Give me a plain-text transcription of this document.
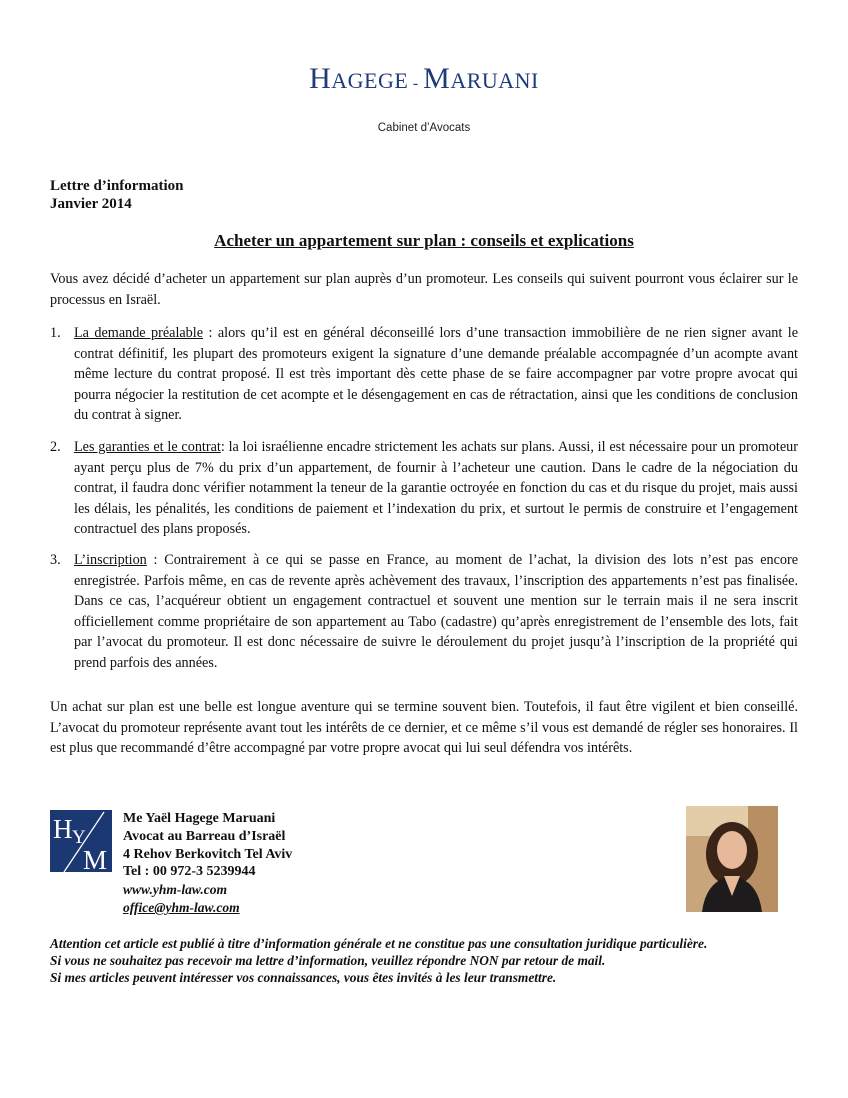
HAGEGE - MARUANI
Cabinet d’Avocats
Lettre d’information
Janvier 2014
Acheter un appartement sur plan : conseils et explications
Vous avez décidé d’acheter un appartement sur plan auprès d’un promoteur. Les conseils qui suivent pourront vous éclairer sur le processus en Israël.
1. La demande préalable : alors qu’il est en général déconseillé lors d’une transaction immobilière de ne rien signer avant le contrat définitif, les plupart des promoteurs exigent la signature d’une demande préalable accompagnée d’un acompte avant même lecture du contrat proposé. Il est très important dès cette phase de se faire accompagner par votre propre avocat qui pourra négocier la restitution de cet acompte et le désengagement en cas de rétractation, ainsi que les conditions de conclusion du contrat à signer.
2. Les garanties et le contrat: la loi israélienne encadre strictement les achats sur plans. Aussi, il est nécessaire pour un promoteur ayant perçu plus de 7% du prix d’un appartement, de fournir à l’acheteur une caution. Dans le cadre de la négociation du contrat, il faudra donc vérifier notamment la teneur de la garantie octroyée en fonction du cas et du risque du projet, mais aussi les délais, les pénalités, les conditions de paiement et l’indexation du prix, et surtout le permis de construire et l’engagement contractuel des plans proposés.
3. L’inscription : Contrairement à ce qui se passe en France, au moment de l’achat, la division des lots n’est pas encore enregistrée. Parfois même, en cas de revente après achèvement des travaux, l’inscription des appartements n’est pas finalisée. Dans ce cas, l’acquéreur obtient un engagement contractuel et souvent une mention sur le terrain mais il ne sera inscrit officiellement comme propriétaire de son appartement au Tabo (cadastre) qu’après enregistrement de l’ensemble des lots, fait par l’avocat du promoteur. Il est donc nécessaire de suivre le déroulement du projet jusqu’à l’inscription de la propriété qui prend parfois des années.
Un achat sur plan est une belle est longue aventure qui se termine souvent bien. Toutefois, il faut être vigilent et bien conseillé. L’avocat du promoteur représente avant tout les intérêts de ce dernier, et ce même s’il vous est demandé de régler ses honoraires. Il est plus que recommandé d’être accompagné par votre propre avocat qui lui seul défendra vos intérêts.
H Y
M
Me Yaël Hagege Maruani
Avocat au Barreau d’Israël
4 Rehov Berkovitch Tel Aviv
Tel : 00 972-3 5239944
www.yhm-law.com
office@yhm-law.com
Attention cet article est publié à titre d’information générale et ne constitue pas une consultation juridique particulière.
Si vous ne souhaitez pas recevoir ma lettre d’information, veuillez répondre NON par retour de mail.
Si mes articles peuvent intéresser vos connaissances, vous êtes invités à les leur transmettre.
